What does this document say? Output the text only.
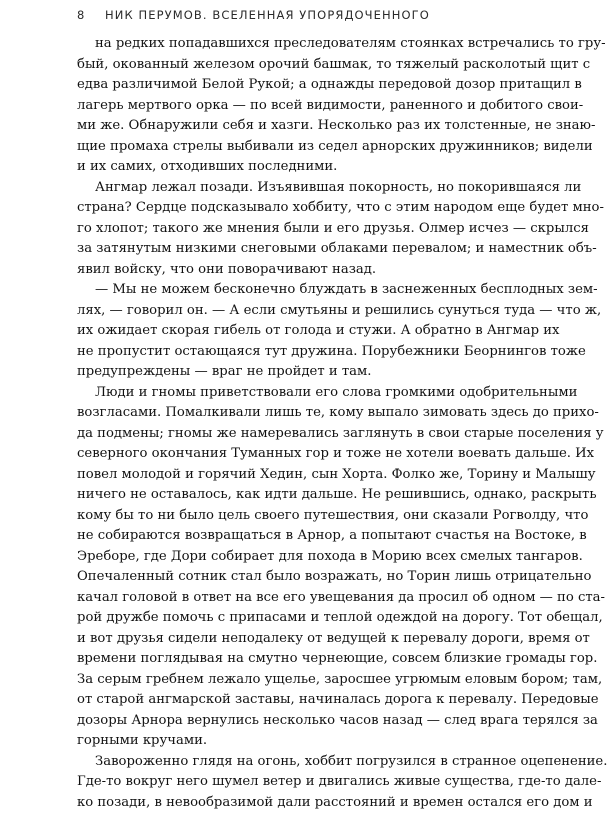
8	НИК ПЕРУМОВ. ВСЕЛЕННАЯ УПОРЯДОЧЕННОГО
на редких попадавшихся преследователям стоянках встречались то гру-
бый, окованный железом орочий башмак, то тяжелый расколотый щит с
едва различимой Белой Рукой; а однажды передовой дозор притащил в
лагерь мертвого орка — по всей видимости, раненного и добитого свои-
ми же. Обнаружили себя и хазги. Несколько раз их толстенные, не знаю-
щие промаха стрелы выбивали из седел арнорских дружинников; видели
и их самих, отходивших последними.
Ангмар лежал позади. Изъявившая покорность, но покорившаяся ли
страна? Сердце подсказывало хоббиту, что с этим народом еще будет мно-
го хлопот; такого же мнения были и его друзья. Олмер исчез — скрылся
за затянутым низкими снеговыми облаками перевалом; и наместник объ-
явил войску, что они поворачивают назад.
— Мы не можем бесконечно блуждать в заснеженных бесплодных зем-
лях, — говорил он. — А если смутьяны и решились сунуться туда — что ж,
их ожидает скорая гибель от голода и стужи. А обратно в Ангмар их
не пропустит остающаяся тут дружина. Порубежники Беорнингов тоже
предупреждены — враг не пройдет и там.
Люди и гномы приветствовали его слова громкими одобрительными
возгласами. Помалкивали лишь те, кому выпало зимовать здесь до прихо-
да подмены; гномы же намеревались заглянуть в свои старые поселения у
северного окончания Туманных гор и тоже не хотели воевать дальше. Их
повел молодой и горячий Хедин, сын Хорта. Фолко же, Торину и Малышу
ничего не оставалось, как идти дальше. Не решившись, однако, раскрыть
кому бы то ни было цель своего путешествия, они сказали Рогволду, что
не собираются возвращаться в Арнор, а попытают счастья на Востоке, в
Эреборе, где Дори собирает для похода в Морию всех смелых тангаров.
Опечаленный сотник стал было возражать, но Торин лишь отрицательно
качал головой в ответ на все его увещевания да просил об одном — по ста-
рой дружбе помочь с припасами и теплой одеждой на дорогу. Тот обещал,
и вот друзья сидели неподалеку от ведущей к перевалу дороги, время от
времени поглядывая на смутно чернеющие, совсем близкие громады гор.
За серым гребнем лежало ущелье, заросшее угрюмым еловым бором; там,
от старой ангмарской заставы, начиналась дорога к перевалу. Передовые
дозоры Арнора вернулись несколько часов назад — след врага терялся за
горными кручами.
Завороженно глядя на огонь, хоббит погрузился в странное оцепенение.
Где-то вокруг него шумел ветер и двигались живые существа, где-то дале-
ко позади, в невообразимой дали расстояний и времен остался его дом и
